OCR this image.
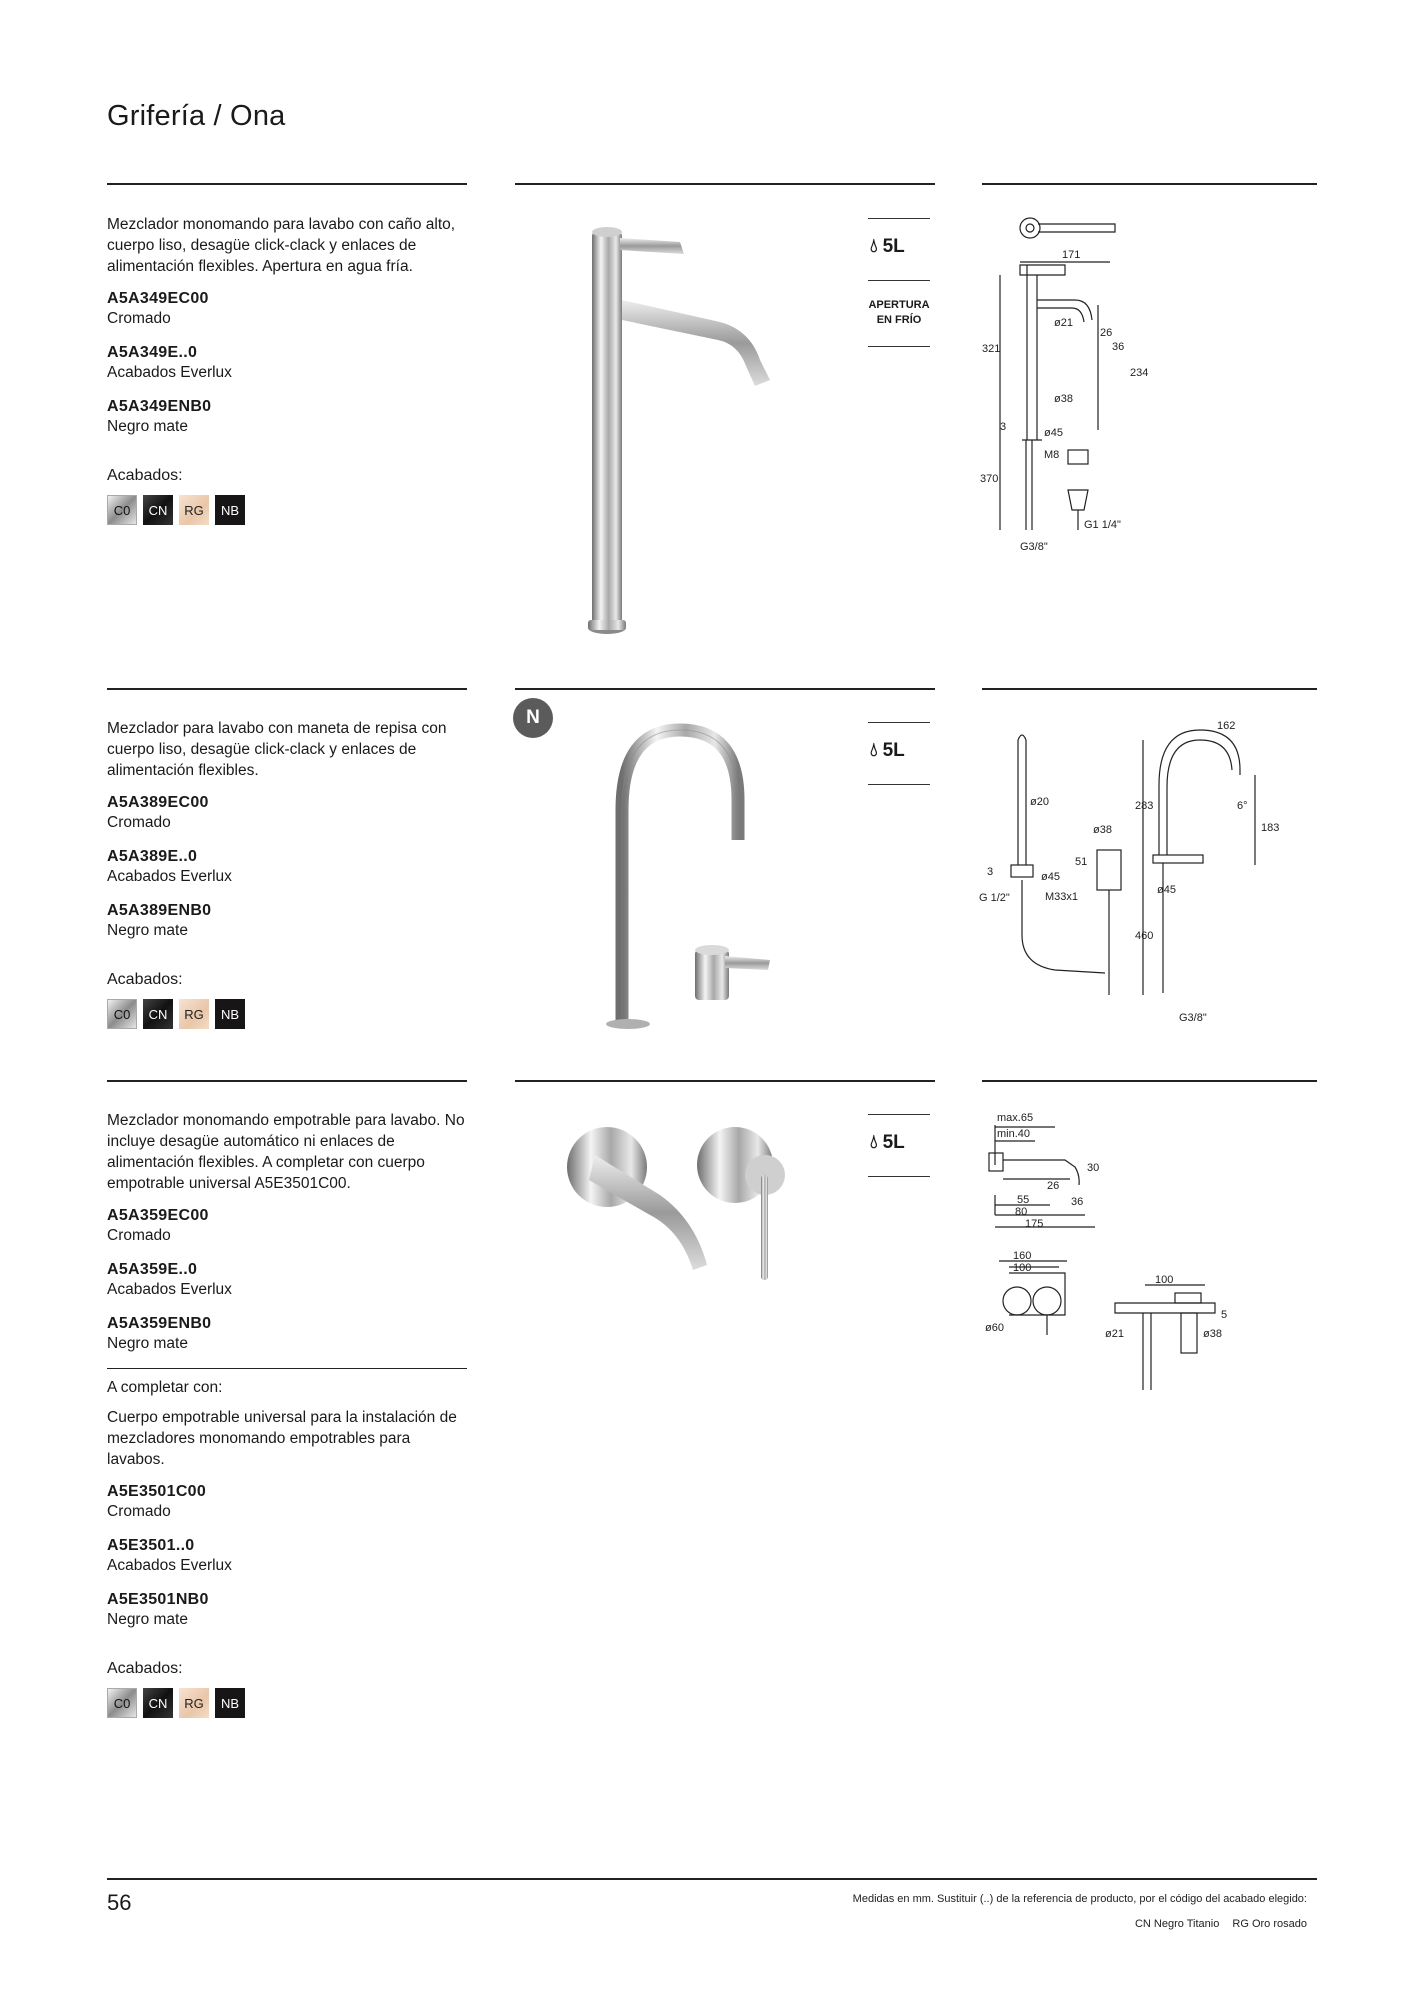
Grifería / Ona

Mezclador monomando para lavabo con caño alto, cuerpo liso, desagüe click-clack y enlaces de alimentación flexibles. Apertura en agua fría.

A5A349EC00
Cromado
A5A349E..0
Acabados Everlux
A5A349ENB0
Negro mate
Acabados:
C0	CN	RG	NB
💧︎ 5L
APERTURA
EN FRÍO
171
ø21
26
36
321
234
ø38
3	ø45
M8
370
G3/8"
G1 1/4"
N

Mezclador para lavabo con maneta de repisa con cuerpo liso, desagüe click-clack y enlaces de alimentación flexibles.

A5A389EC00
Cromado
A5A389E..0
Acabados Everlux
A5A389ENB0
Negro mate
Acabados:
C0	CN	RG	NB
💧︎ 5L
ø20
ø38
51
3	ø45
G 1/2"	M33x1
162
283	6°
183
ø45
460
G3/8"

Mezclador monomando empotrable para lavabo. No incluye desagüe automático ni enlaces de alimentación flexibles. A completar con cuerpo empotrable universal A5E3501C00.

A5A359EC00
Cromado
A5A359E..0
Acabados Everlux
A5A359ENB0
Negro mate
A completar con:

Cuerpo empotrable universal para la instalación de mezcladores monomando empotrables para lavabos.

A5E3501C00
Cromado
A5E3501..0
Acabados Everlux
A5E3501NB0
Negro mate
Acabados:
C0	CN	RG	NB
💧︎ 5L
max.65
min.40
30
26
36
55
80
175
160
100
ø60
100
5
ø21	ø38
56	Medidas en mm. Sustituir (..) de la referencia de producto, por el código del acabado elegido:
CN Negro Titanio RG Oro rosado
